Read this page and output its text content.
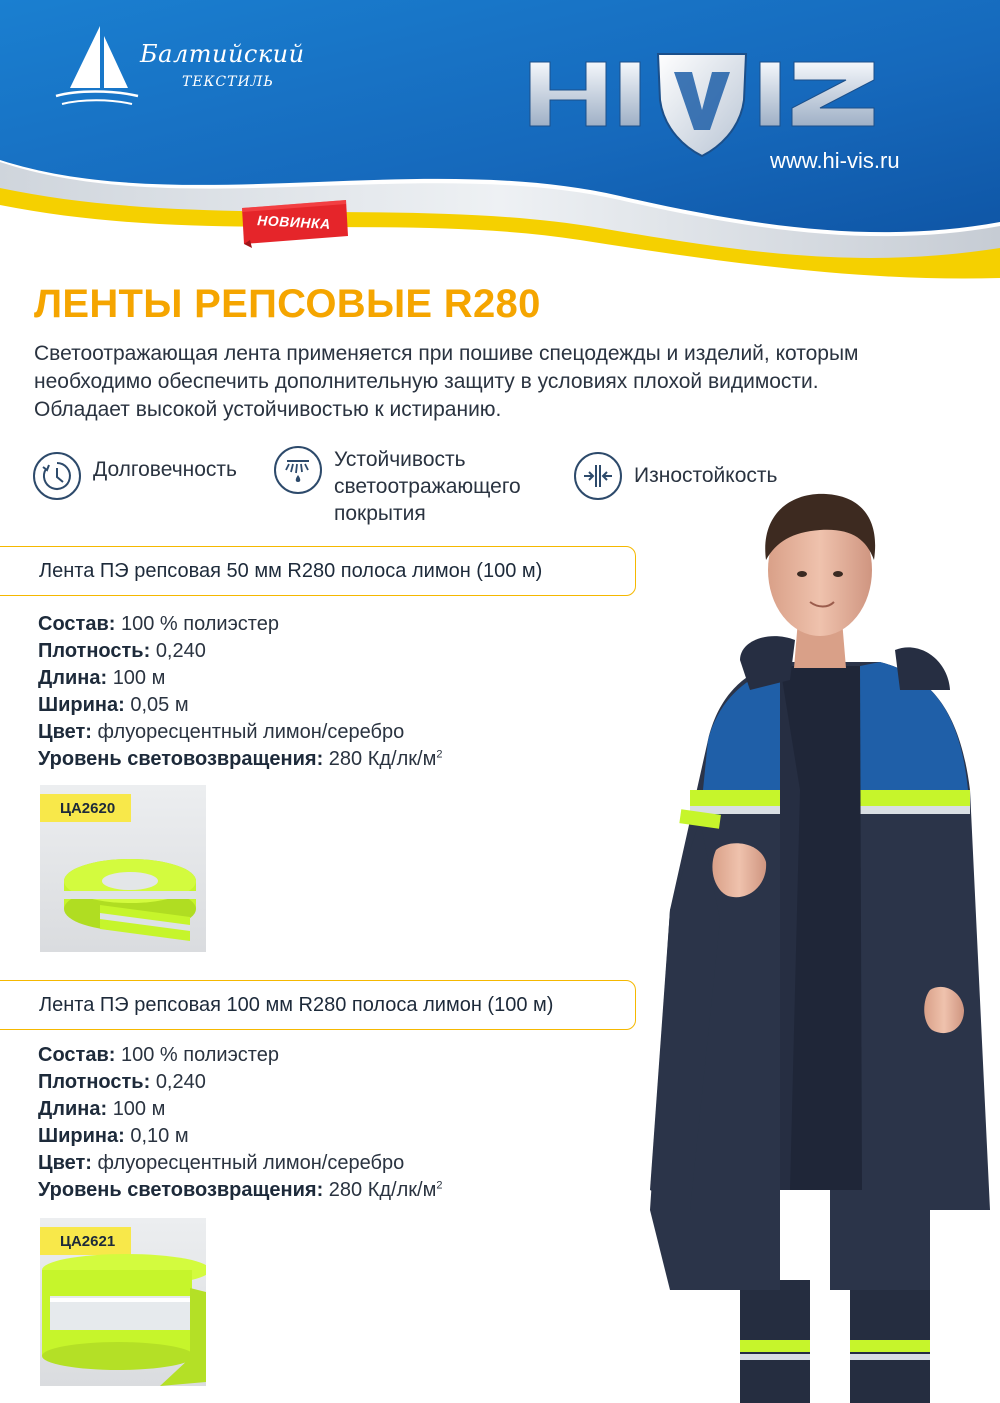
Балтийский
ТЕКСТИЛЬ
www.hi-vis.ru
НОВИНКА
ЛЕНТЫ РЕПСОВЫЕ R280
Светоотражающая лента применяется при пошиве спецодежды и изделий, которым необходимо обеспечить дополнительную защиту в условиях плохой видимости. Обладает высокой устойчивостью к истиранию.
Долговечность	Устойчивость светоотражающего покрытия
Изностойкость
Лента ПЭ репсовая 50 мм R280 полоса лимон (100 м)
Состав: 100 % полиэстер
Плотность: 0,240
Длина: 100 м
Ширина: 0,05 м
Цвет: флуоресцентный лимон/серебро
Уровень световозвращения: 280 $Кд/лк/м^2$
ЦА2620
Лента ПЭ репсовая 100 мм R280 полоса лимон (100 м)
Состав: 100 % полиэстер
Плотность: 0,240
Длина: 100 м
Ширина: 0,10 м
Цвет: флуоресцентный лимон/серебро
Уровень световозвращения: 280 $Кд/лк/м^2$
ЦА2621
